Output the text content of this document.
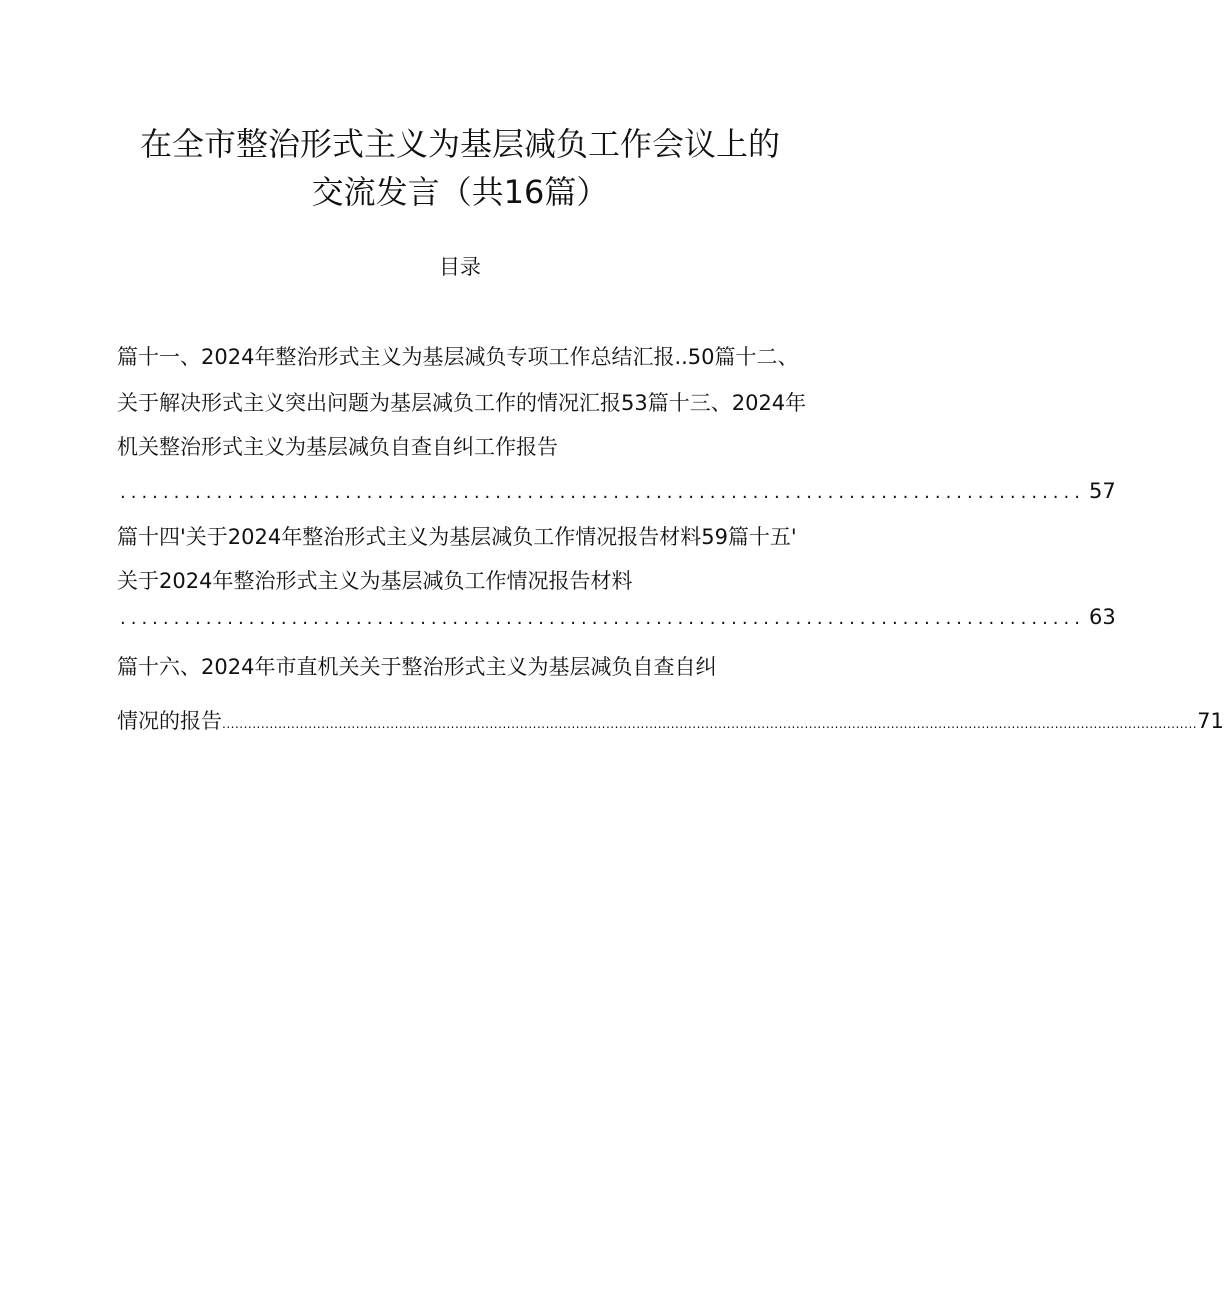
在全市整治形式主义为基层减负工作会议上的
交流发言（共16篇）
目录
篇十一、2024年整治形式主义为基层减负专项工作总结汇报..50篇十二、
关于解决形式主义突出问题为基层减负工作的情况汇报53篇十三、2024年
机关整治形式主义为基层减负自查自纠工作报告
.......................................................................................... 57
篇十四'关于2024年整治形式主义为基层减负工作情况报告材料59篇十五'
关于2024年整治形式主义为基层减负工作情况报告材料
.......................................................................................... 63
篇十六、2024年市直机关关于整治形式主义为基层减负自查自纠
情况的报告 .................................................................................................................................................................................................................................. 71
